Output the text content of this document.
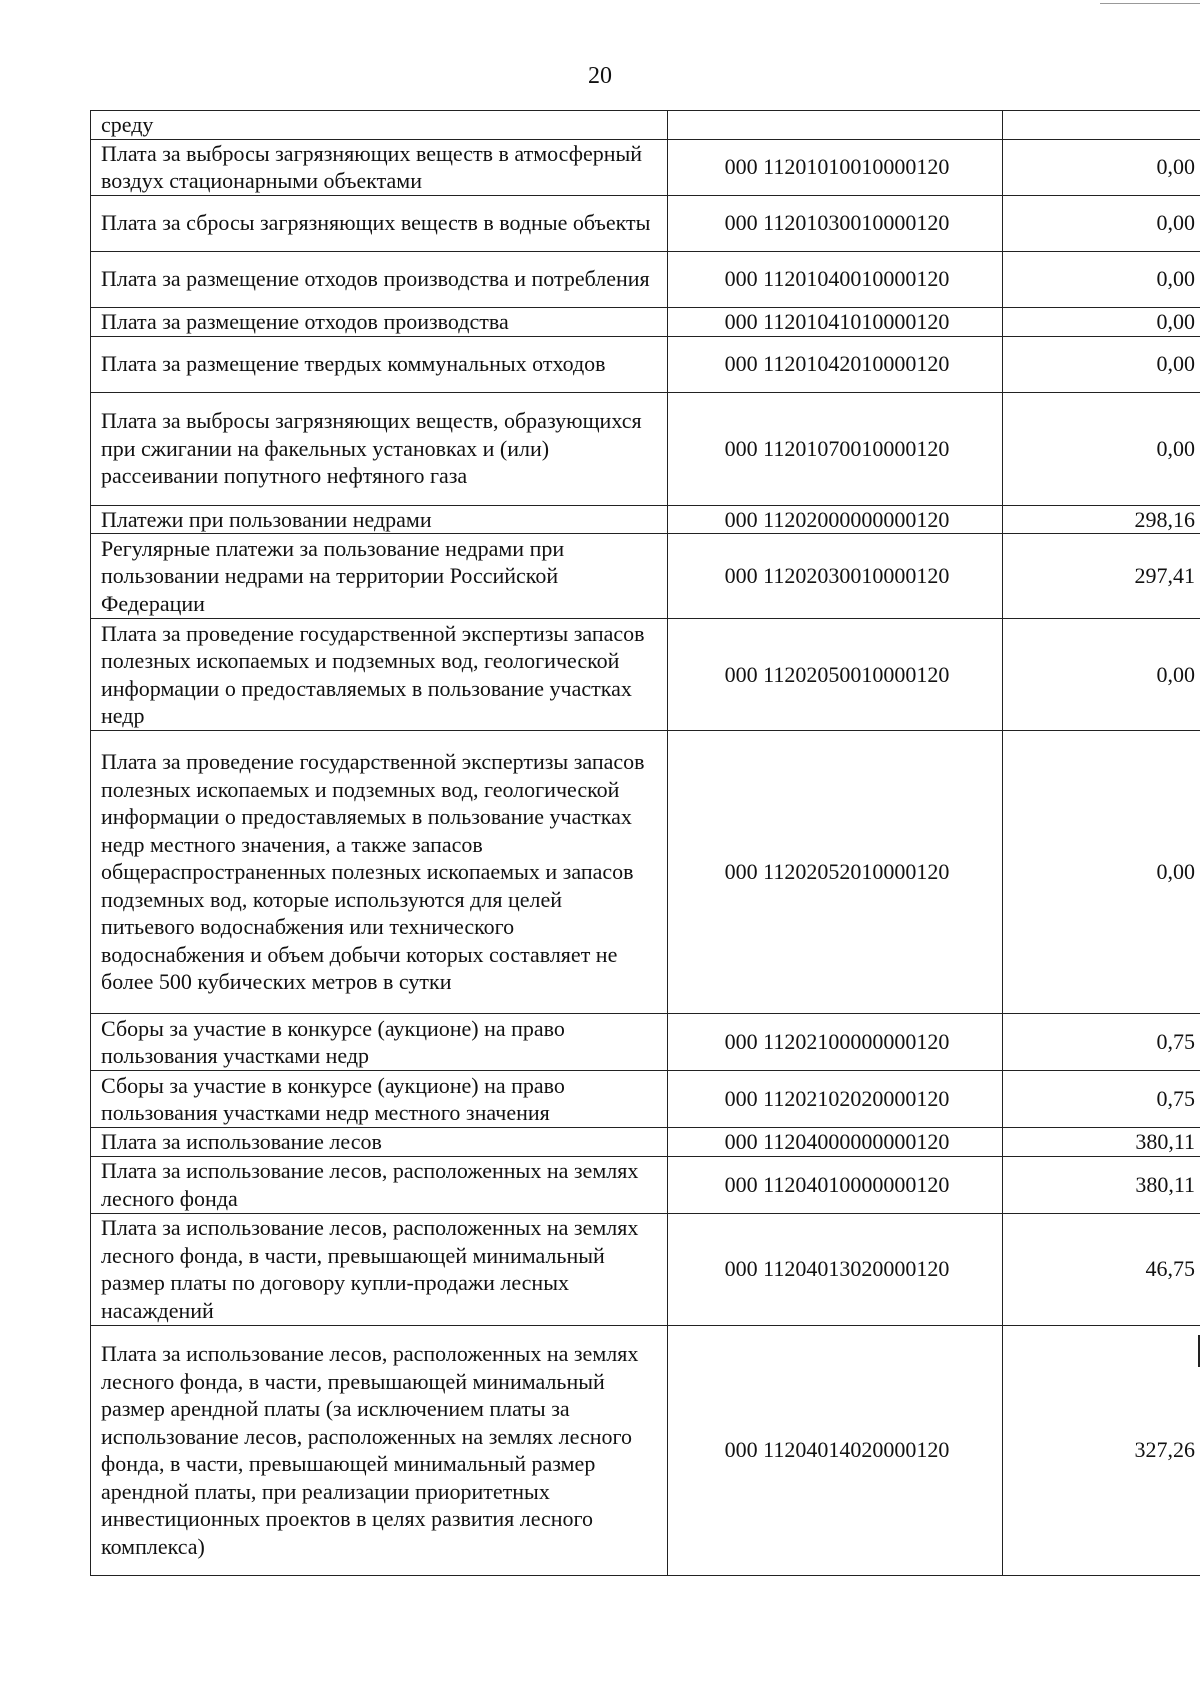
20
среду		
Плата за выбросы загрязняющих веществ в атмосферный воздух стационарными объектами	000 11201010010000120	0,00
Плата за сбросы загрязняющих веществ в водные объекты	000 11201030010000120	0,00
Плата за размещение отходов производства и потребления	000 11201040010000120	0,00
Плата за размещение отходов производства	000 11201041010000120	0,00
Плата за размещение твердых коммунальных отходов	000 11201042010000120	0,00
Плата за выбросы загрязняющих веществ, образующихся при сжигании на факельных установках и (или) рассеивании попутного нефтяного газа	000 11201070010000120	0,00
Платежи при пользовании недрами	000 11202000000000120	298,16
Регулярные платежи за пользование недрами при пользовании недрами на территории Российской Федерации	000 11202030010000120	297,41
Плата за проведение государственной экспертизы запасов полезных ископаемых и подземных вод, геологической информации о предоставляемых в пользование участках недр	000 11202050010000120	0,00
Плата за проведение государственной экспертизы запасов полезных ископаемых и подземных вод, геологической информации о предоставляемых в пользование участках недр местного значения, а также запасов общераспространенных полезных ископаемых и запасов подземных вод, которые используются для целей питьевого водоснабжения или технического водоснабжения и объем добычи которых составляет не более 500 кубических метров в сутки	000 11202052010000120	0,00
Сборы за участие в конкурсе (аукционе) на право пользования участками недр	000 11202100000000120	0,75
Сборы за участие в конкурсе (аукционе) на право пользования участками недр местного значения	000 11202102020000120	0,75
Плата за использование лесов	000 11204000000000120	380,11
Плата за использование лесов, расположенных на землях лесного фонда	000 11204010000000120	380,11
Плата за использование лесов, расположенных на землях лесного фонда, в части, превышающей минимальный размер платы по договору купли-продажи лесных насаждений	000 11204013020000120	46,75
Плата за использование лесов, расположенных на землях лесного фонда, в части, превышающей минимальный размер арендной платы (за исключением платы за использование лесов, расположенных на землях лесного фонда, в части, превышающей минимальный размер арендной платы, при реализации приоритетных инвестиционных проектов в целях развития лесного комплекса)	000 11204014020000120	327,26
